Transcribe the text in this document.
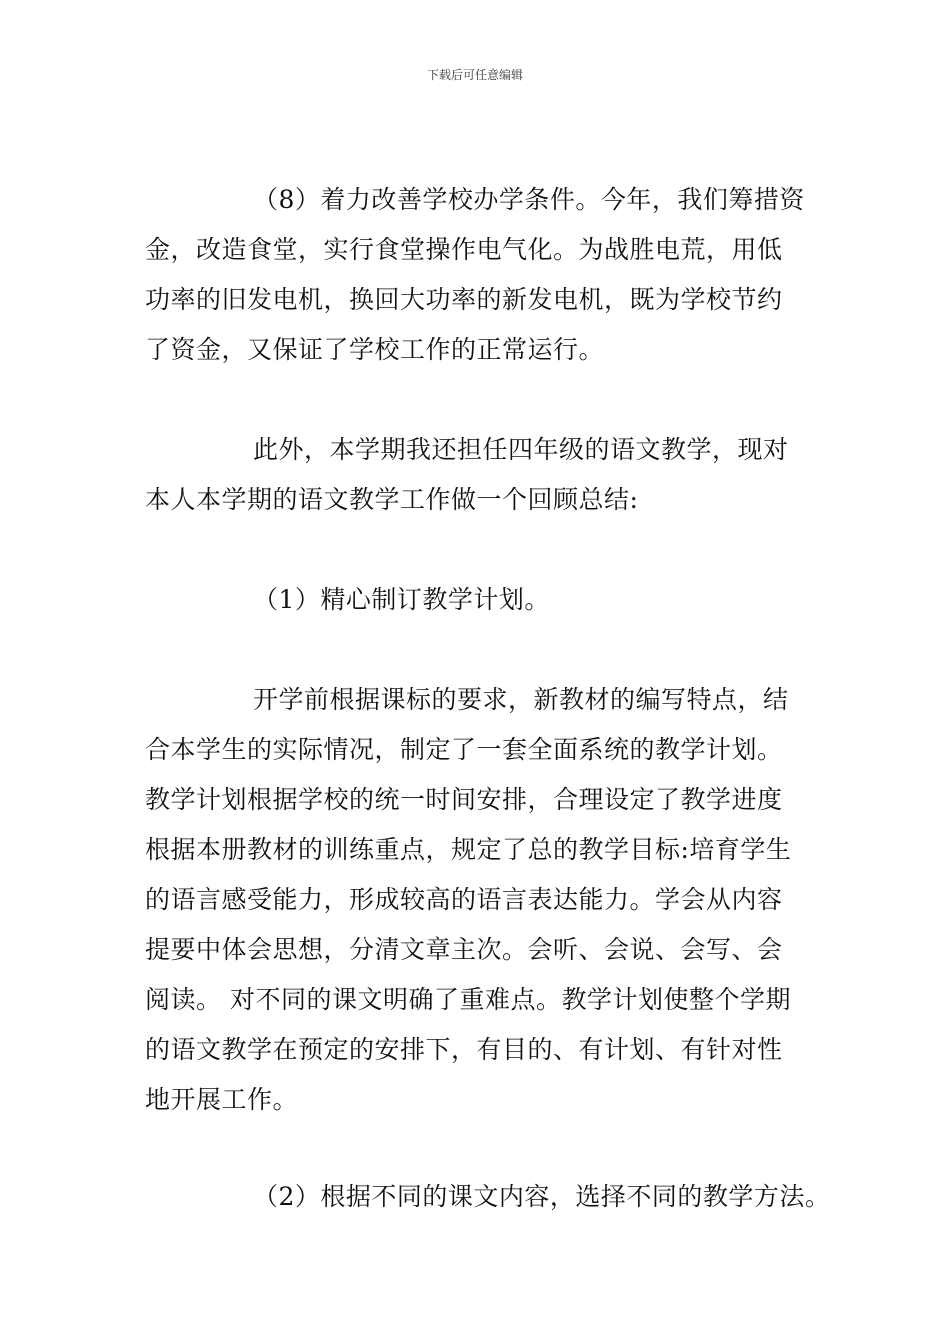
下载后可任意编辑
（8）着力改善学校办学条件。今年，我们筹措资
金，改造食堂，实行食堂操作电气化。为战胜电荒，用低
功率的旧发电机，换回大功率的新发电机，既为学校节约
了资金，又保证了学校工作的正常运行。
此外，本学期我还担任四年级的语文教学，现对
本人本学期的语文教学工作做一个回顾总结:
（1）精心制订教学计划。
开学前根据课标的要求，新教材的编写特点，结
合本学生的实际情况，制定了一套全面系统的教学计划。
教学计划根据学校的统一时间安排，合理设定了教学进度
根据本册教材的训练重点，规定了总的教学目标:培育学生
的语言感受能力，形成较高的语言表达能力。学会从内容
提要中体会思想，分清文章主次。会听、会说、会写、会
阅读。 对不同的课文明确了重难点。教学计划使整个学期
的语文教学在预定的安排下，有目的、有计划、有针对性
地开展工作。
（2）根据不同的课文内容，选择不同的教学方法。
